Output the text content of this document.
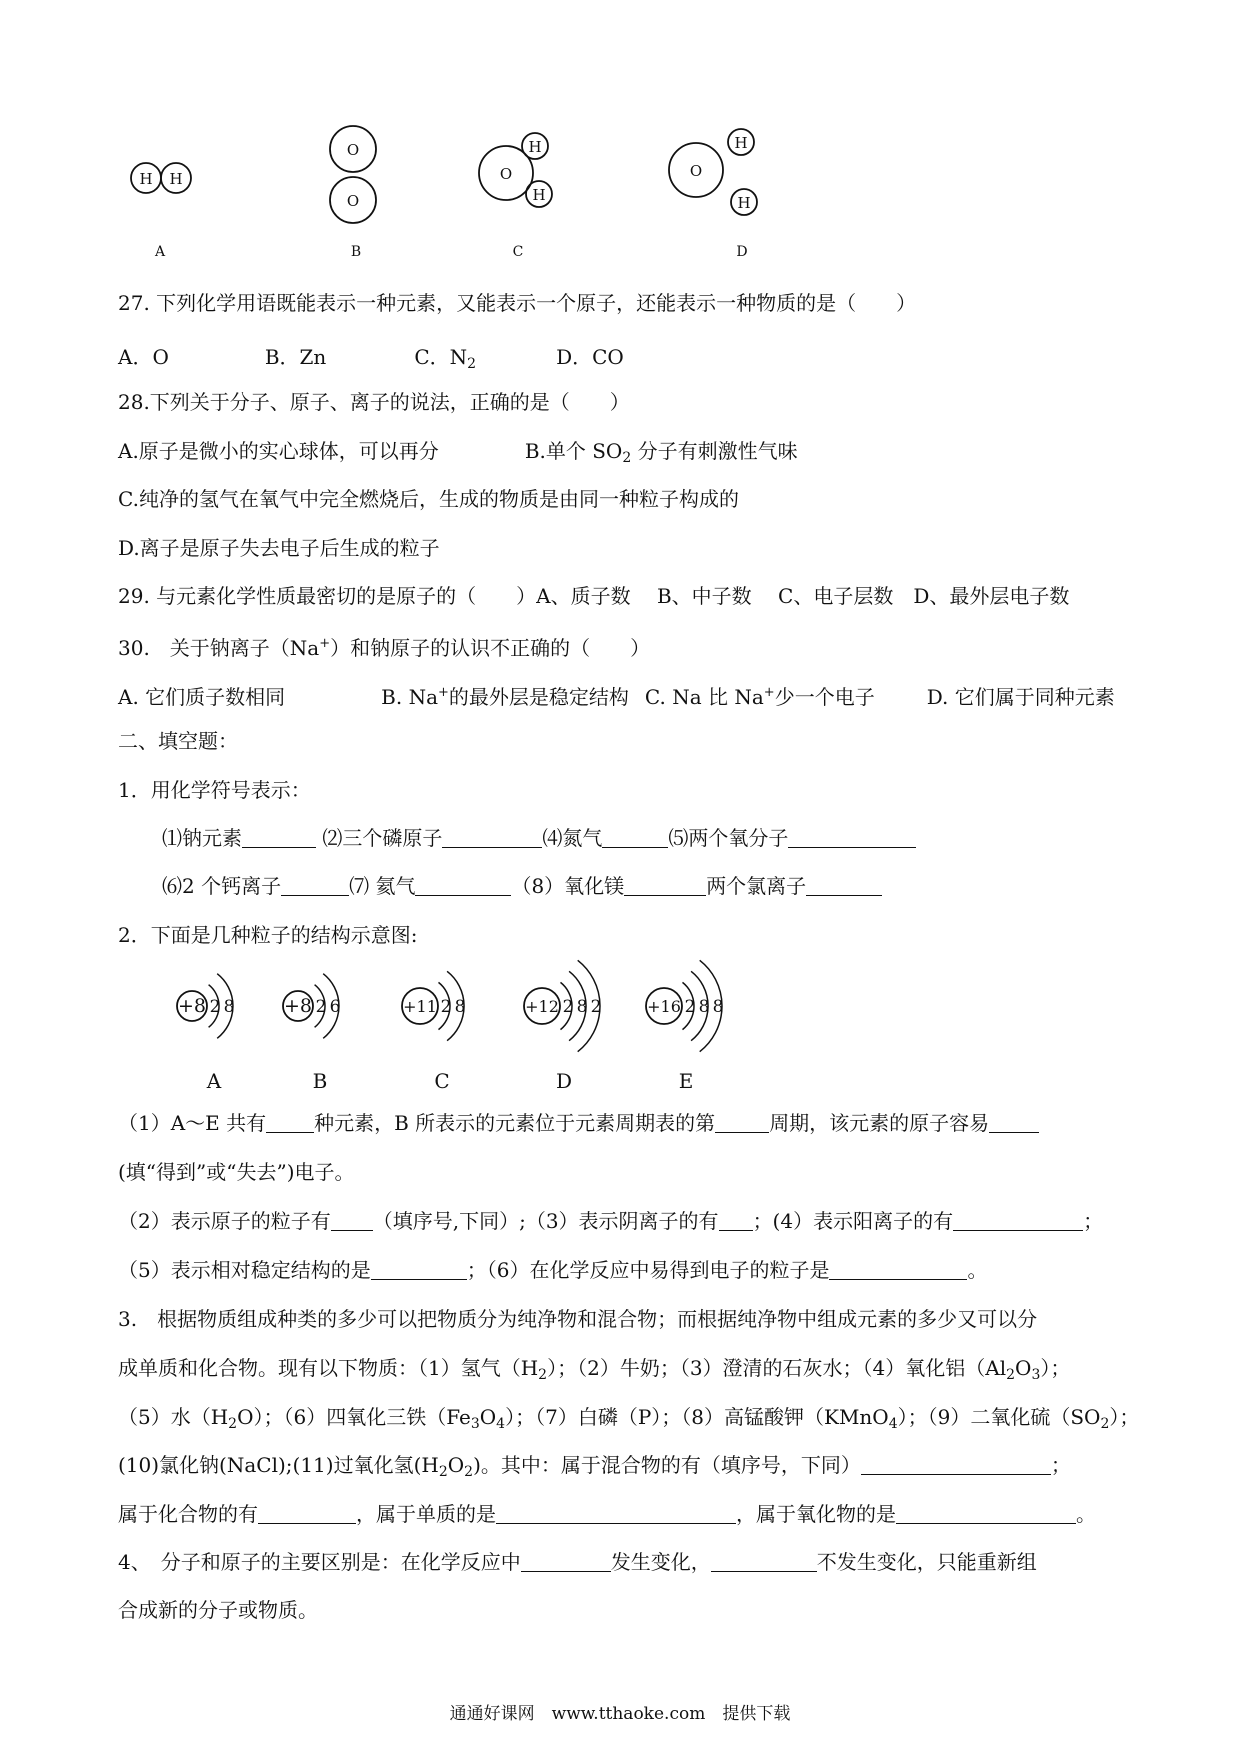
H H
O
O
O
H
H
O
H
H
A	B	C	D
27. 下列化学用语既能表示一种元素，又能表示一个原子，还能表示一种物质的是（　　）
A．O	B．Zn	C．$N_2$	D．CO
28.下列关于分子、原子、离子的说法，正确的是（　　）
A.原子是微小的实心球体，可以再分	B.单个 $SO_2$ 分子有刺激性气味
C.纯净的氢气在氧气中完全燃烧后，生成的物质是由同一种粒子构成的
D.离子是原子失去电子后生成的粒子
29. 与元素化学性质最密切的是原子的（　　）A、质子数　 B、中子数　 C、电子层数　D、最外层电子数
30.　关于钠离子（Na+）和钠原子的认识不正确的（　　）
A. 它们质子数相同	B. Na+的最外层是稳定结构 C. Na 比 Na+少一个电子	D. 它们属于同种元素
二、填空题：
1．用化学符号表示：
⑴钠元素	⑵三个磷原子	⑷氮气	⑸两个氧分子
⑹2 个钙离子	⑺ 氦气	（8）氧化镁	两个氯离子
2．下面是几种粒子的结构示意图:
+8 2 8
A
+8 2 6
B
+11 2 8
C
+12 2 8 2
D
+16 2 8 8
E
（1）A～E 共有 种元素，B 所表示的元素位于元素周期表的第	周期，该元素的原子容易
(填“得到”或“失去”)电子。
（2）表示原子的粒子有 （填序号,下同）;（3）表示阴离子的有 ；(4）表示阳离子的有	；
（5）表示相对稳定结构的是	；（6）在化学反应中易得到电子的粒子是	。
3.　根据物质组成种类的多少可以把物质分为纯净物和混合物；而根据纯净物中组成元素的多少又可以分
成单质和化合物。现有以下物质：（1）氢气$(H_2)$；（2）牛奶；（3）澄清的石灰水；（4）氧化铝$(Al_2O_3)$；
（5）水$(H_2O)$；（6）四氧化三铁$(Fe_3O_4)$；（7）白磷（P）；（8）高锰酸钾（KMnO$_4$）；（9）二氧化硫$(SO_2)$；
(10)氯化钠(NaCl);(11)过氧化氢$(H_2O_2)$。其中：属于混合物的有（填序号，下同）	；
属于化合物的有	，属于单质的是	，属于氧化物的是	。
4、　分子和原子的主要区别是：在化学反应中	发生变化，	不发生变化，只能重新组
合成新的分子或物质。
通通好课网　www.tthaoke.com　提供下载
